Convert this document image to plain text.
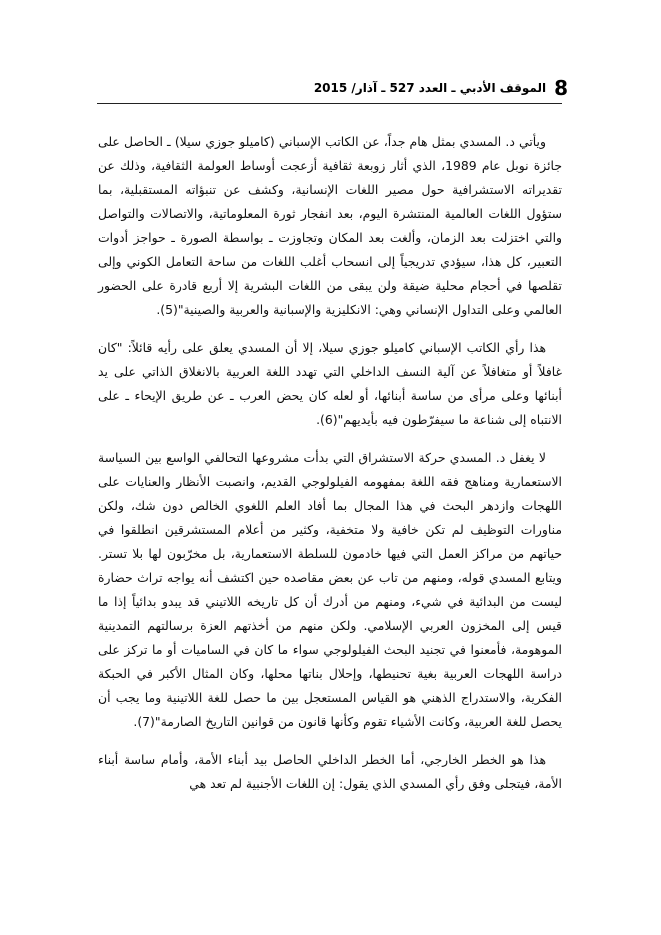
8
الموقف الأدبي ـ العدد 527 ـ آذار/ 2015

ويأتي د. المسدي بمثل هام جداً، عن الكاتب الإسباني (كاميلو جوزي سيلا) ـ الحاصل على جائزة نوبل عام 1989، الذي أثار زوبعة ثقافية أزعجت أوساط العولمة الثقافية، وذلك عن تقديراته الاستشرافية حول مصير اللغات الإنسانية، وكشف عن تنبؤاته المستقبلية، بما ستؤول اللغات العالمية المنتشرة اليوم، بعد انفجار ثورة المعلوماتية، والاتصالات والتواصل والتي اختزلت بعد الزمان، وألغت بعد المكان وتجاوزت ـ بواسطة الصورة ـ حواجز أدوات التعبير، كل هذا، سيؤدي تدريجياً إلى انسحاب أغلب اللغات من ساحة التعامل الكوني وإلى تقلصها في أحجام محلية ضيقة ولن يبقى من اللغات البشرية إلا أربع قادرة على الحضور العالمي وعلى التداول الإنساني وهي: الانكليزية والإسبانية والعربية والصينية"(5).

هذا رأي الكاتب الإسباني كاميلو جوزي سيلا، إلا أن المسدي يعلق على رأيه قائلاً: "كان غافلاً أو متغافلاً عن آلية النسف الداخلي التي تهدد اللغة العربية بالانغلاق الذاتي على يد أبنائها وعلى مرأى من ساسة أبنائها، أو لعله كان يحض العرب ـ عن طريق الإيحاء ـ على الانتباه إلى شناعة ما سيفرّطون فيه بأيديهم"(6).

لا يغفل د. المسدي حركة الاستشراق التي بدأت مشروعها التحالفي الواسع بين السياسة الاستعمارية ومناهج فقه اللغة بمفهومه الفيلولوجي القديم، وانصبت الأنظار والعنايات على اللهجات وازدهر البحث في هذا المجال بما أفاد العلم اللغوي الخالص دون شك، ولكن مناورات التوظيف لم تكن خافية ولا متخفية، وكثير من أعلام المستشرقين انطلقوا في حياتهم من مراكز العمل التي فيها خادمون للسلطة الاستعمارية، بل مخرّبون لها بلا تستر. ويتابع المسدي قوله، ومنهم من تاب عن بعض مقاصده حين اكتشف أنه يواجه تراث حضارة ليست من البدائية في شيء، ومنهم من أدرك أن كل تاريخه اللاتيني قد يبدو بدائياً إذا ما قيس إلى المخزون العربي الإسلامي. ولكن منهم من أخذتهم العزة برسالتهم التمدينية الموهومة، فأمعنوا في تجنيد البحث الفيلولوجي سواء ما كان في الساميات أو ما تركز على دراسة اللهجات العربية بغية تحنيطها، وإحلال بناتها محلها، وكان المثال الأكبر في الحبكة الفكرية، والاستدراج الذهني هو القياس المستعجل بين ما حصل للغة اللاتينية وما يجب أن يحصل للغة العربية، وكانت الأشياء تقوم وكأنها قانون من قوانين التاريخ الصارمة"(7).

هذا هو الخطر الخارجي، أما الخطر الداخلي الحاصل بيد أبناء الأمة، وأمام ساسة أبناء الأمة، فيتجلى وفق رأي المسدي الذي يقول: إن اللغات الأجنبية لم تعد هي
